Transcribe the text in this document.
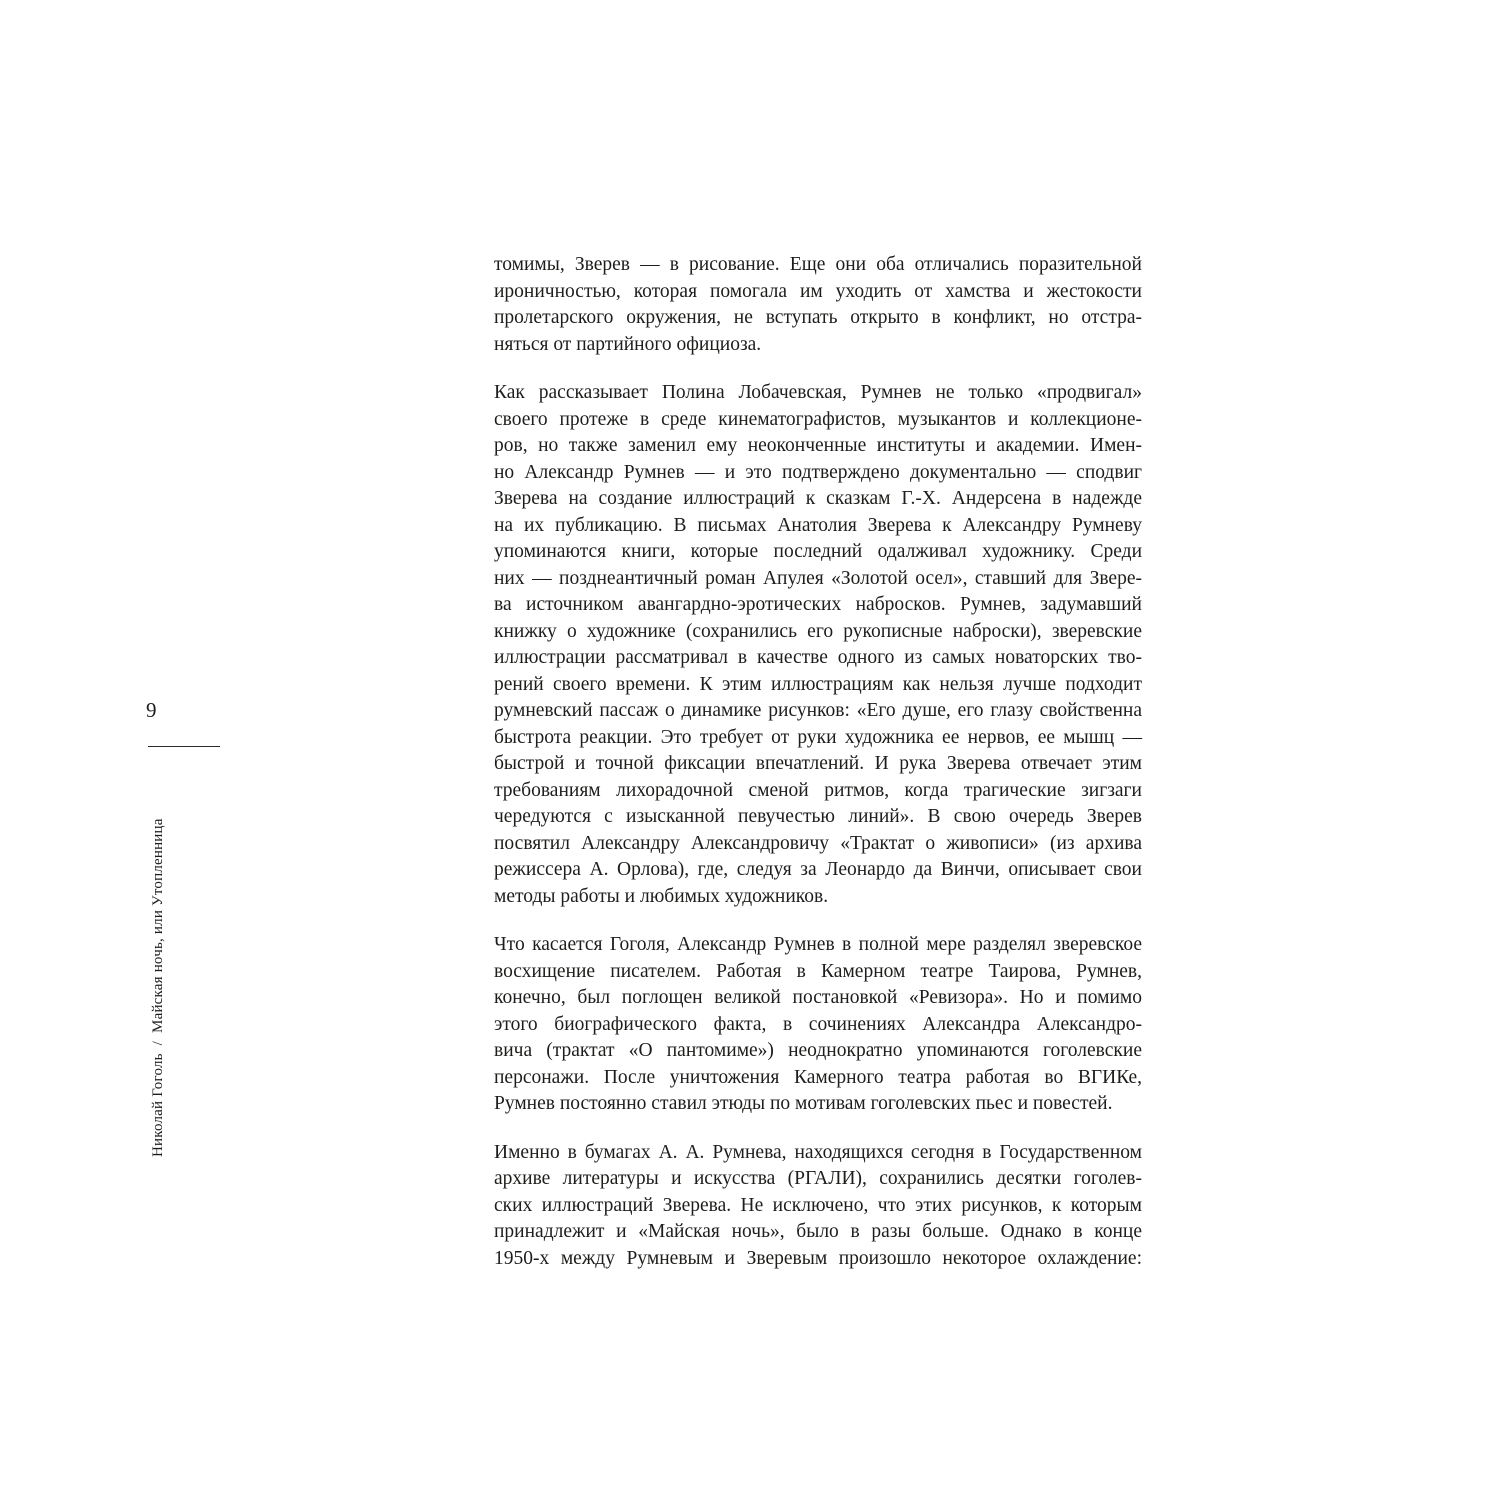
9
Николай Гоголь/Майская ночь, или Утопленница
томимы, Зверев — в рисование. Еще они оба отличались поразительной
ироничностью, которая помогала им уходить от хамства и жестокости
пролетарского окружения, не вступать открыто в конфликт, но отстра-
няться от партийного официоза.
Как рассказывает Полина Лобачевская, Румнев не только «продвигал»
своего протеже в среде кинематографистов, музыкантов и коллекционе-
ров, но также заменил ему неоконченные институты и академии. Имен-
но Александр Румнев — и это подтверждено документально — сподвиг
Зверева на создание иллюстраций к сказкам Г.-Х. Андерсена в надежде
на их публикацию. В письмах Анатолия Зверева к Александру Румневу
упоминаются книги, которые последний одалживал художнику. Среди
них — позднеантичный роман Апулея «Золотой осел», ставший для Звере-
ва источником авангардно-эротических набросков. Румнев, задумавший
книжку о художнике (сохранились его рукописные наброски), зверевские
иллюстрации рассматривал в качестве одного из самых новаторских тво-
рений своего времени. К этим иллюстрациям как нельзя лучше подходит
румневский пассаж о динамике рисунков: «Его душе, его глазу свойственна
быстрота реакции. Это требует от руки художника ее нервов, ее мышц —
быстрой и точной фиксации впечатлений. И рука Зверева отвечает этим
требованиям лихорадочной сменой ритмов, когда трагические зигзаги
чередуются с изысканной певучестью линий». В свою очередь Зверев
посвятил Александру Александровичу «Трактат о живописи» (из архива
режиссера А. Орлова), где, следуя за Леонардо да Винчи, описывает свои
методы работы и любимых художников.
Что касается Гоголя, Александр Румнев в полной мере разделял зверевское
восхищение писателем. Работая в Камерном театре Таирова, Румнев,
конечно, был поглощен великой постановкой «Ревизора». Но и помимо
этого биографического факта, в сочинениях Александра Александро-
вича (трактат «О пантомиме») неоднократно упоминаются гоголевские
персонажи. После уничтожения Камерного театра работая во ВГИКе,
Румнев постоянно ставил этюды по мотивам гоголевских пьес и повестей.
Именно в бумагах А. А. Румнева, находящихся сегодня в Государственном
архиве литературы и искусства (РГАЛИ), сохранились десятки гоголев-
ских иллюстраций Зверева. Не исключено, что этих рисунков, к которым
принадлежит и «Майская ночь», было в разы больше. Однако в конце
1950-х между Румневым и Зверевым произошло некоторое охлаждение:
